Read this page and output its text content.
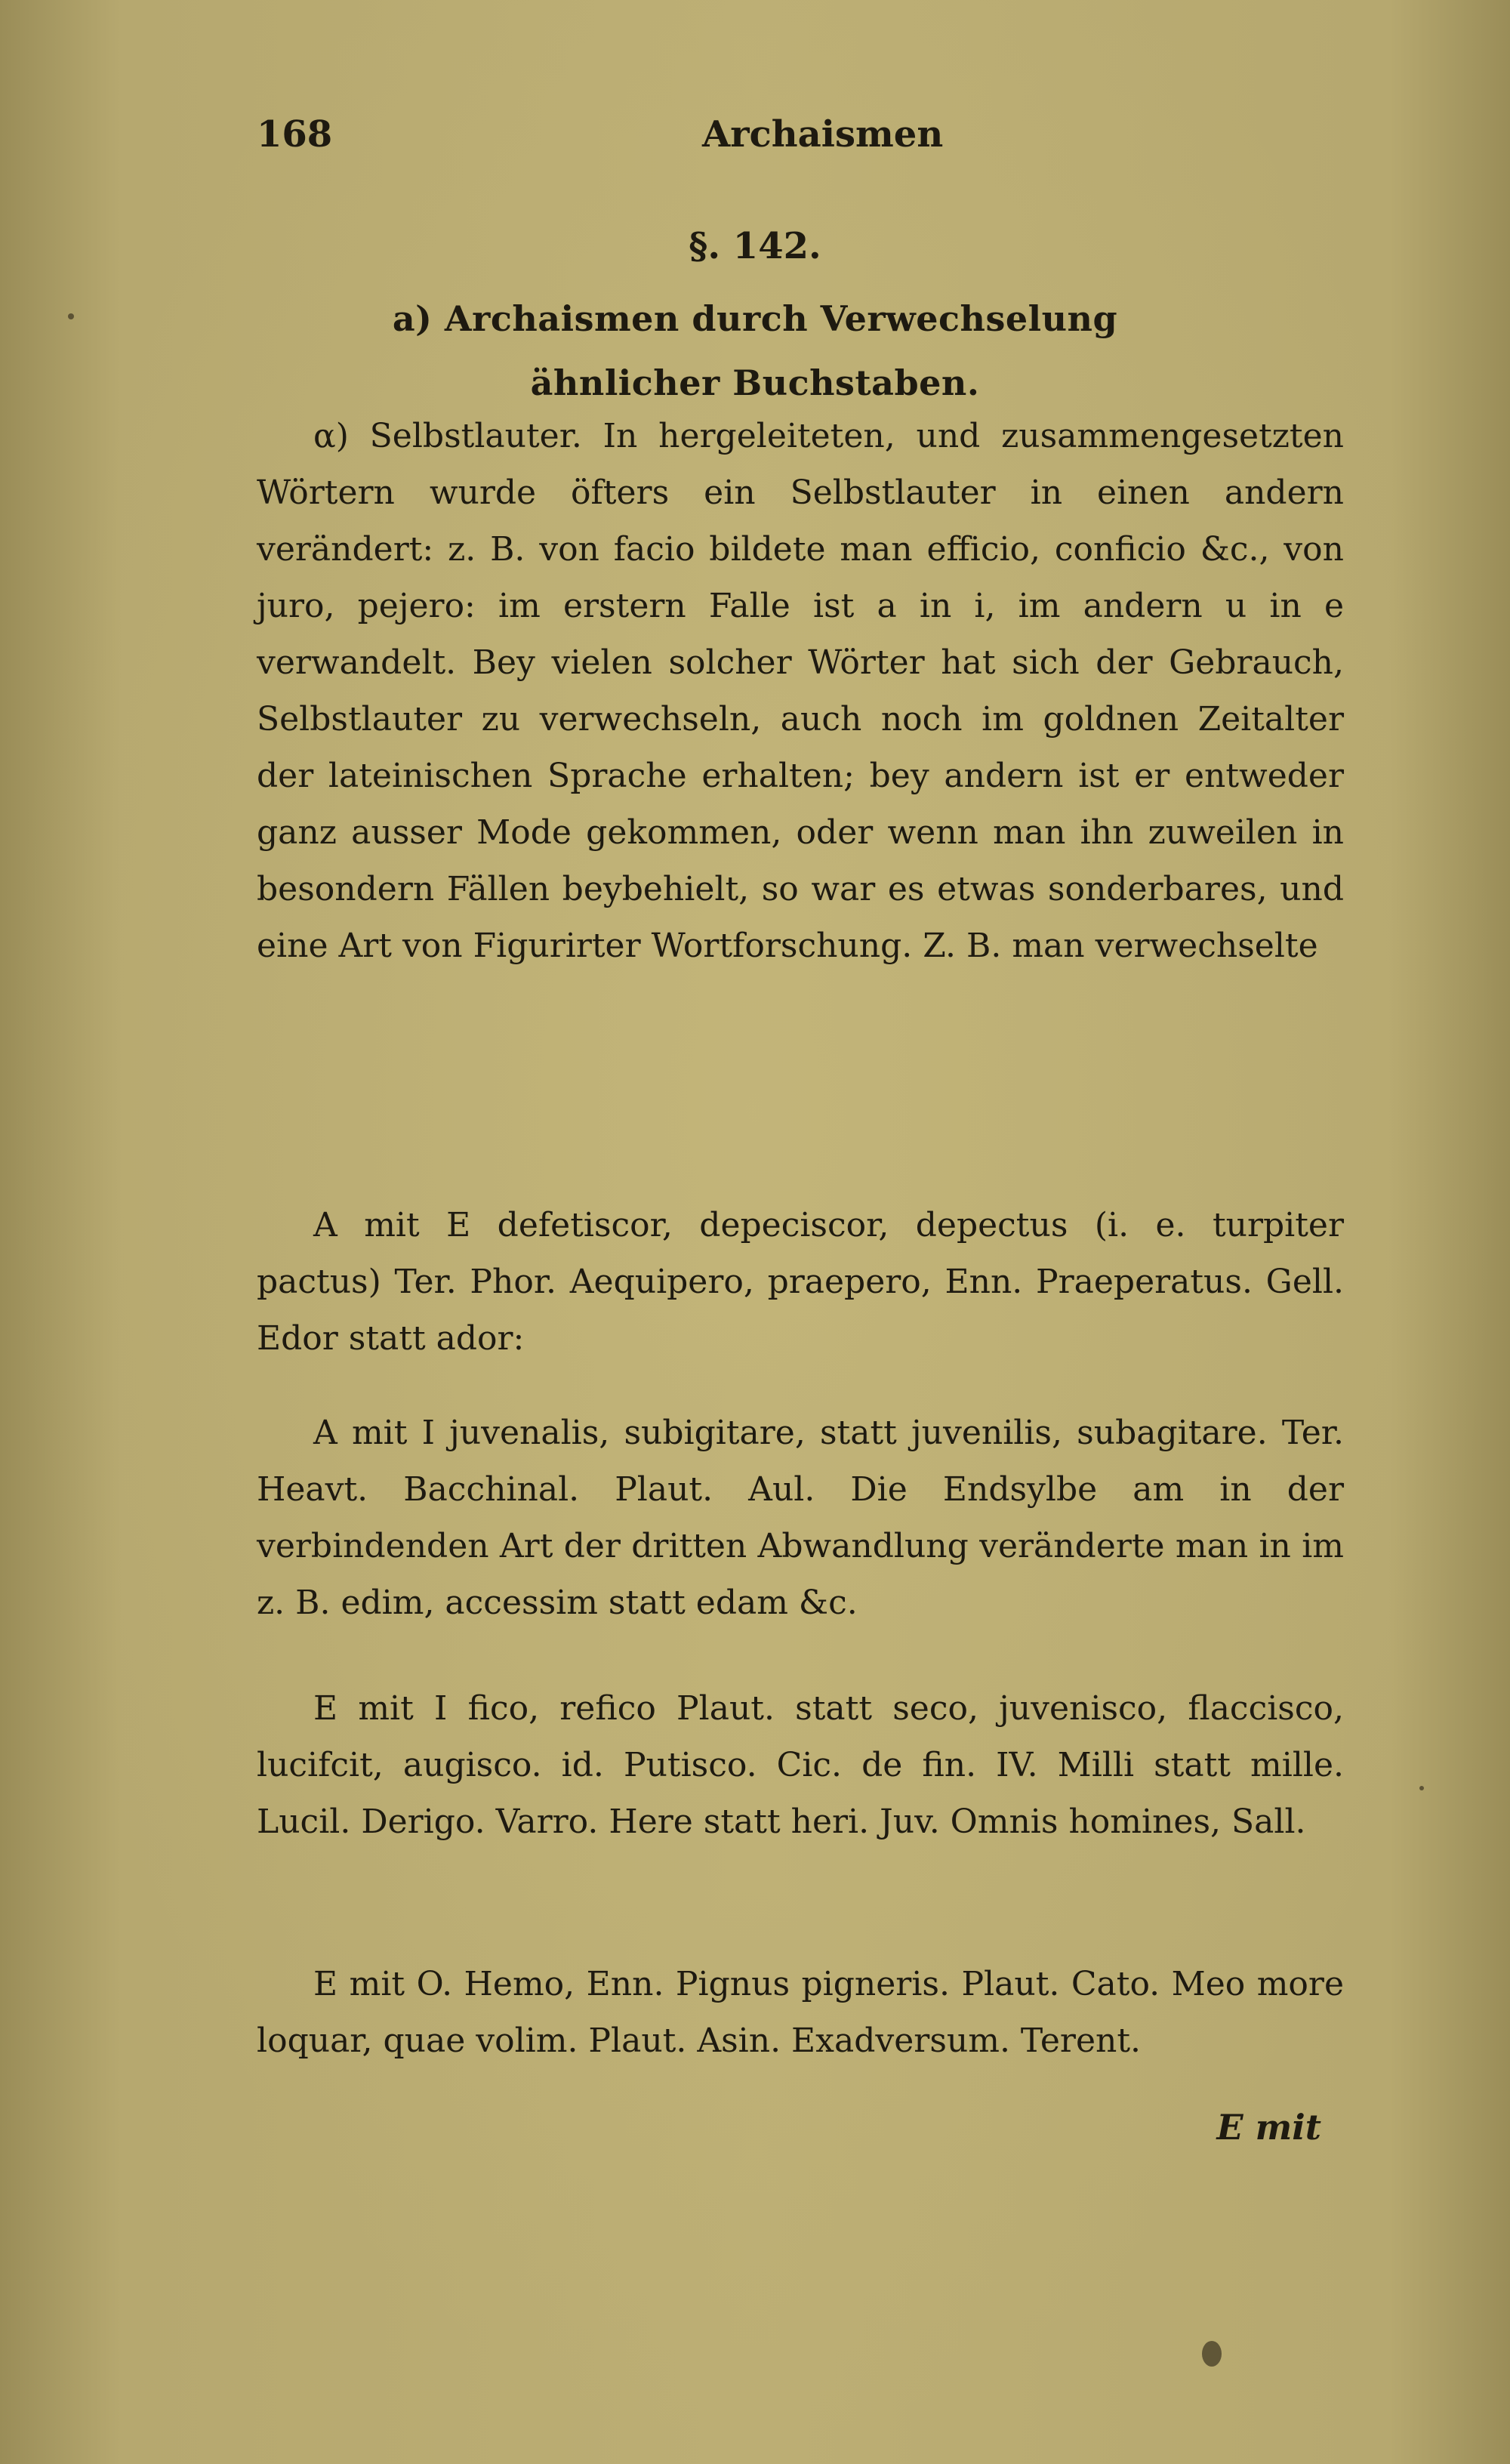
168	Archaismen
§. 142.
a) Archaismen durch Verwechselung
ähnlicher Buchstaben.

α) Selbstlauter. In hergeleiteten, und zusammengesetzten Wörtern wurde öfters ein Selbstlauter in einen andern verändert: z. B. von facio bildete man efficio, conficio &c., von juro, pejero: im erstern Falle ist a in i, im andern u in e verwandelt. Bey vielen solcher Wörter hat sich der Gebrauch, Selbstlauter zu verwechseln, auch noch im goldnen Zeitalter der lateinischen Sprache erhalten; bey andern ist er entweder ganz ausser Mode gekommen, oder wenn man ihn zuweilen in besondern Fällen beybehielt, so war es etwas sonderbares, und eine Art von Figurirter Wortforschung. Z. B. man verwechselte

A mit E defetiscor, depeciscor, depectus (i. e. turpiter pactus) Ter. Phor. Aequipero, praepero, Enn. Praeperatus. Gell. Edor statt ador:

A mit I juvenalis, subigitare, statt juvenilis, subagitare. Ter. Heavt. Bacchinal. Plaut. Aul. Die Endsylbe am in der verbindenden Art der dritten Abwandlung veränderte man in im z. B. edim, accessim statt edam &c.

E mit I fico, refico Plaut. statt seco, juvenisco, flaccisco, lucifcit, augisco. id. Putisco. Cic. de fin. IV. Milli statt mille. Lucil. Derigo. Varro. Here statt heri. Juv. Omnis homines, Sall.

E mit O. Hemo, Enn. Pignus pigneris. Plaut. Cato. Meo more loquar, quae volim. Plaut. Asin. Exadversum. Terent.

E mit
